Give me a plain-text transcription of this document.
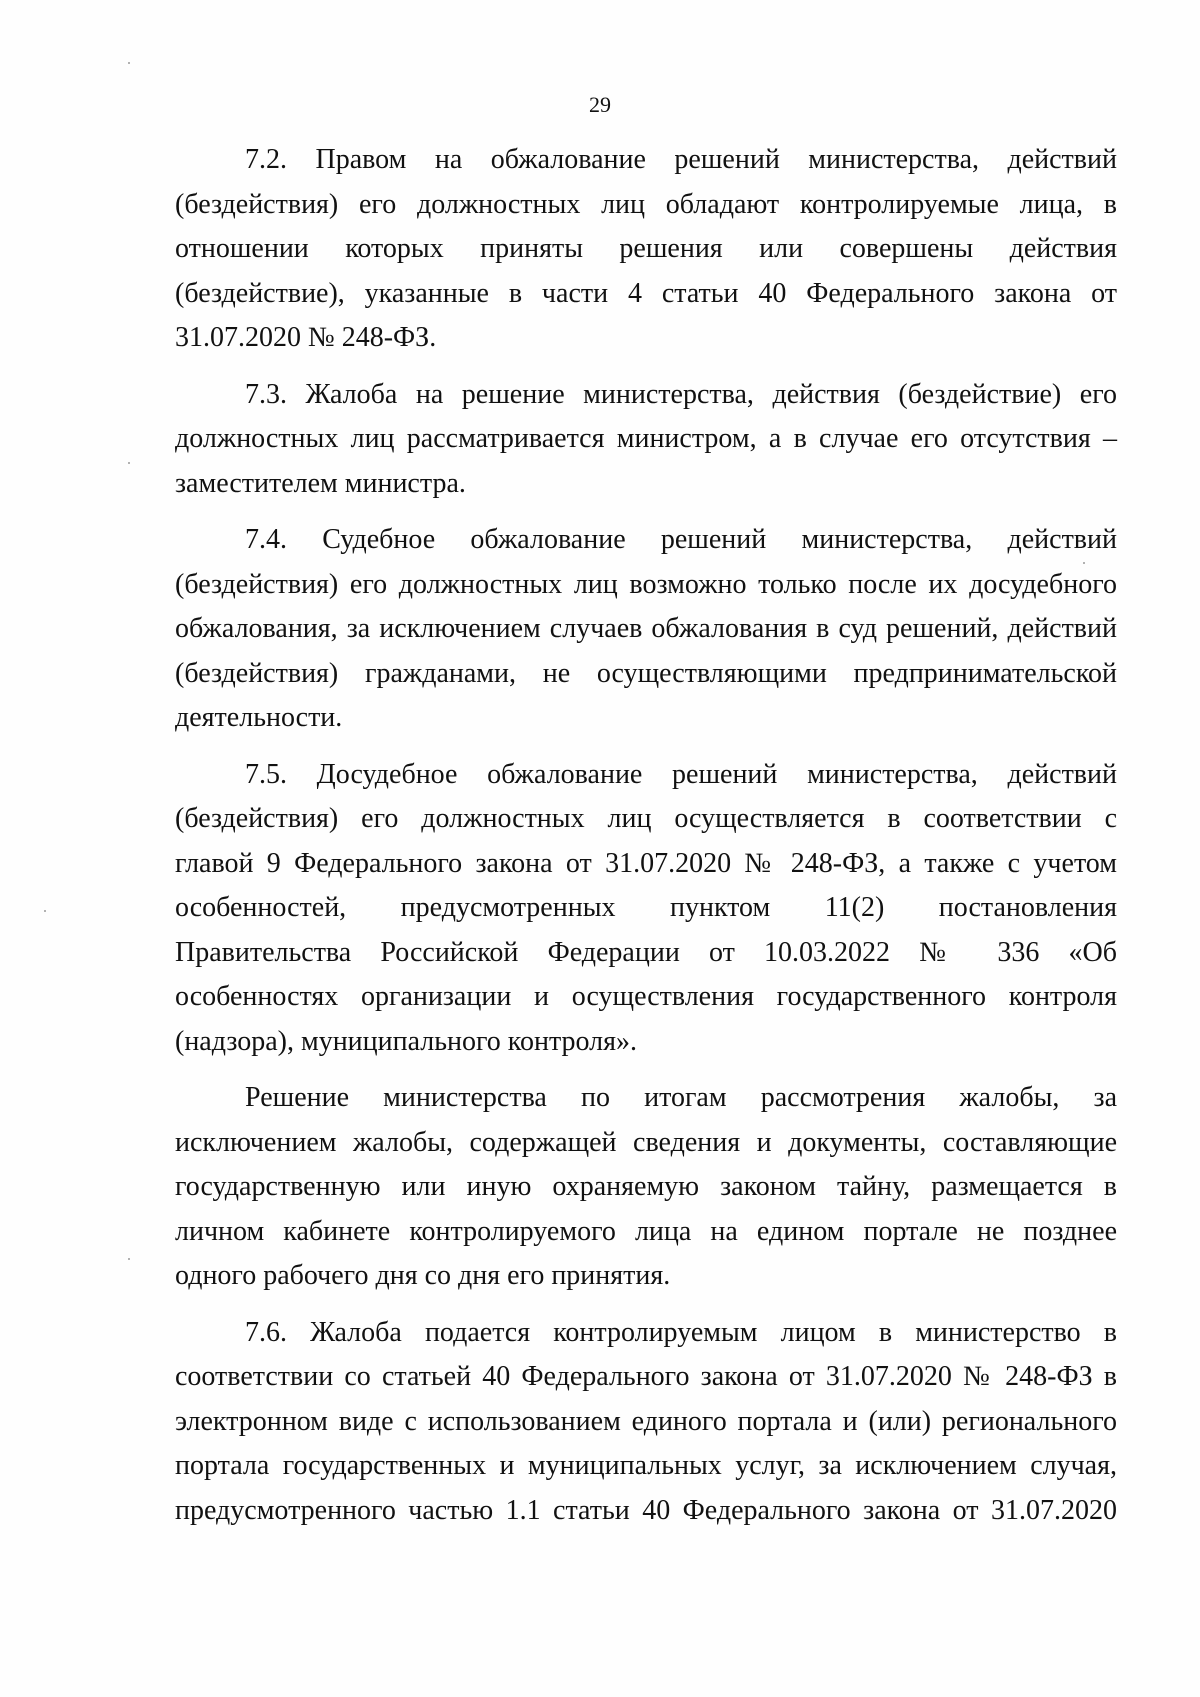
29
7.2. Правом на обжалование решений министерства, действий
(бездействия) его должностных лиц обладают контролируемые лица, в
отношении которых приняты решения или совершены действия
(бездействие), указанные в части 4 статьи 40 Федерального закона от
31.07.2020 № 248-ФЗ.
7.3. Жалоба на решение министерства, действия (бездействие) его
должностных лиц рассматривается министром, а в случае его отсутствия –
заместителем министра.
7.4. Судебное обжалование решений министерства, действий
(бездействия) его должностных лиц возможно только после их досудебного
обжалования, за исключением случаев обжалования в суд решений, действий
(бездействия) гражданами, не осуществляющими предпринимательской
деятельности.
7.5. Досудебное обжалование решений министерства, действий
(бездействия) его должностных лиц осуществляется в соответствии с
главой 9 Федерального закона от 31.07.2020 № 248-ФЗ, а также с учетом
особенностей, предусмотренных пунктом 11(2) постановления
Правительства Российской Федерации от 10.03.2022 № 336 «Об
особенностях организации и осуществления государственного контроля
(надзора), муниципального контроля».
Решение министерства по итогам рассмотрения жалобы, за
исключением жалобы, содержащей сведения и документы, составляющие
государственную или иную охраняемую законом тайну, размещается в
личном кабинете контролируемого лица на едином портале не позднее
одного рабочего дня со дня его принятия.
7.6. Жалоба подается контролируемым лицом в министерство в
соответствии со статьей 40 Федерального закона от 31.07.2020 № 248-ФЗ в
электронном виде с использованием единого портала и (или) регионального
портала государственных и муниципальных услуг, за исключением случая,
предусмотренного частью 1.1 статьи 40 Федерального закона от 31.07.2020
